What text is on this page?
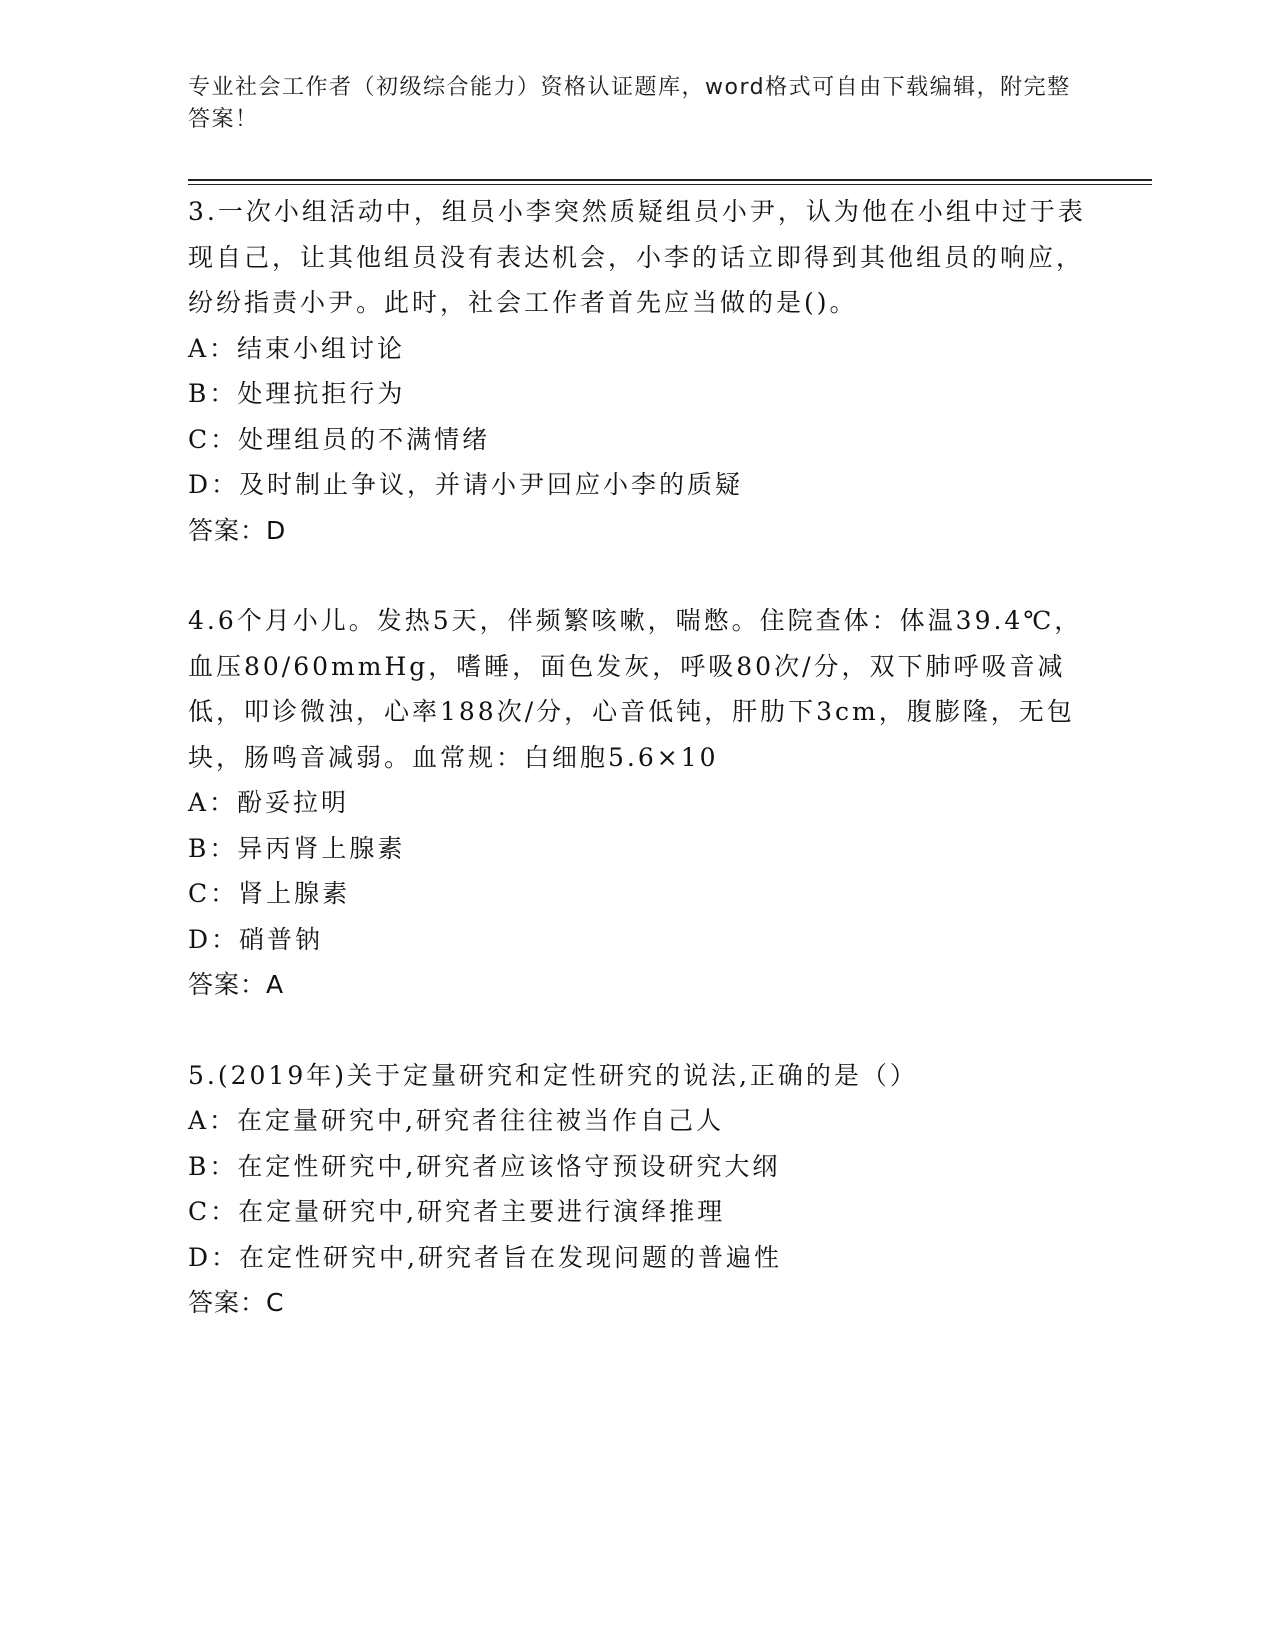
专业社会工作者（初级综合能力）资格认证题库，word格式可自由下载编辑，附完整答案！

3.一次小组活动中，组员小李突然质疑组员小尹，认为他在小组中过于表现自己，让其他组员没有表达机会，小李的话立即得到其他组员的响应，纷纷指责小尹。此时，社会工作者首先应当做的是()。

A：结束小组讨论

B：处理抗拒行为

C：处理组员的不满情绪

D：及时制止争议，并请小尹回应小李的质疑

答案：D

4.6个月小儿。发热5天，伴频繁咳嗽，喘憋。住院查体：体温39.4℃，血压80/60mmHg，嗜睡，面色发灰，呼吸80次/分，双下肺呼吸音减低，叩诊微浊，心率188次/分，心音低钝，肝肋下3cm，腹膨隆，无包块，肠鸣音减弱。血常规：白细胞5.6×10

A：酚妥拉明

B：异丙肾上腺素

C：肾上腺素

D：硝普钠

答案：A

5.(2019年)关于定量研究和定性研究的说法,正确的是（）

A：在定量研究中,研究者往往被当作自己人

B：在定性研究中,研究者应该恪守预设研究大纲

C：在定量研究中,研究者主要进行演绎推理

D：在定性研究中,研究者旨在发现问题的普遍性

答案：C
